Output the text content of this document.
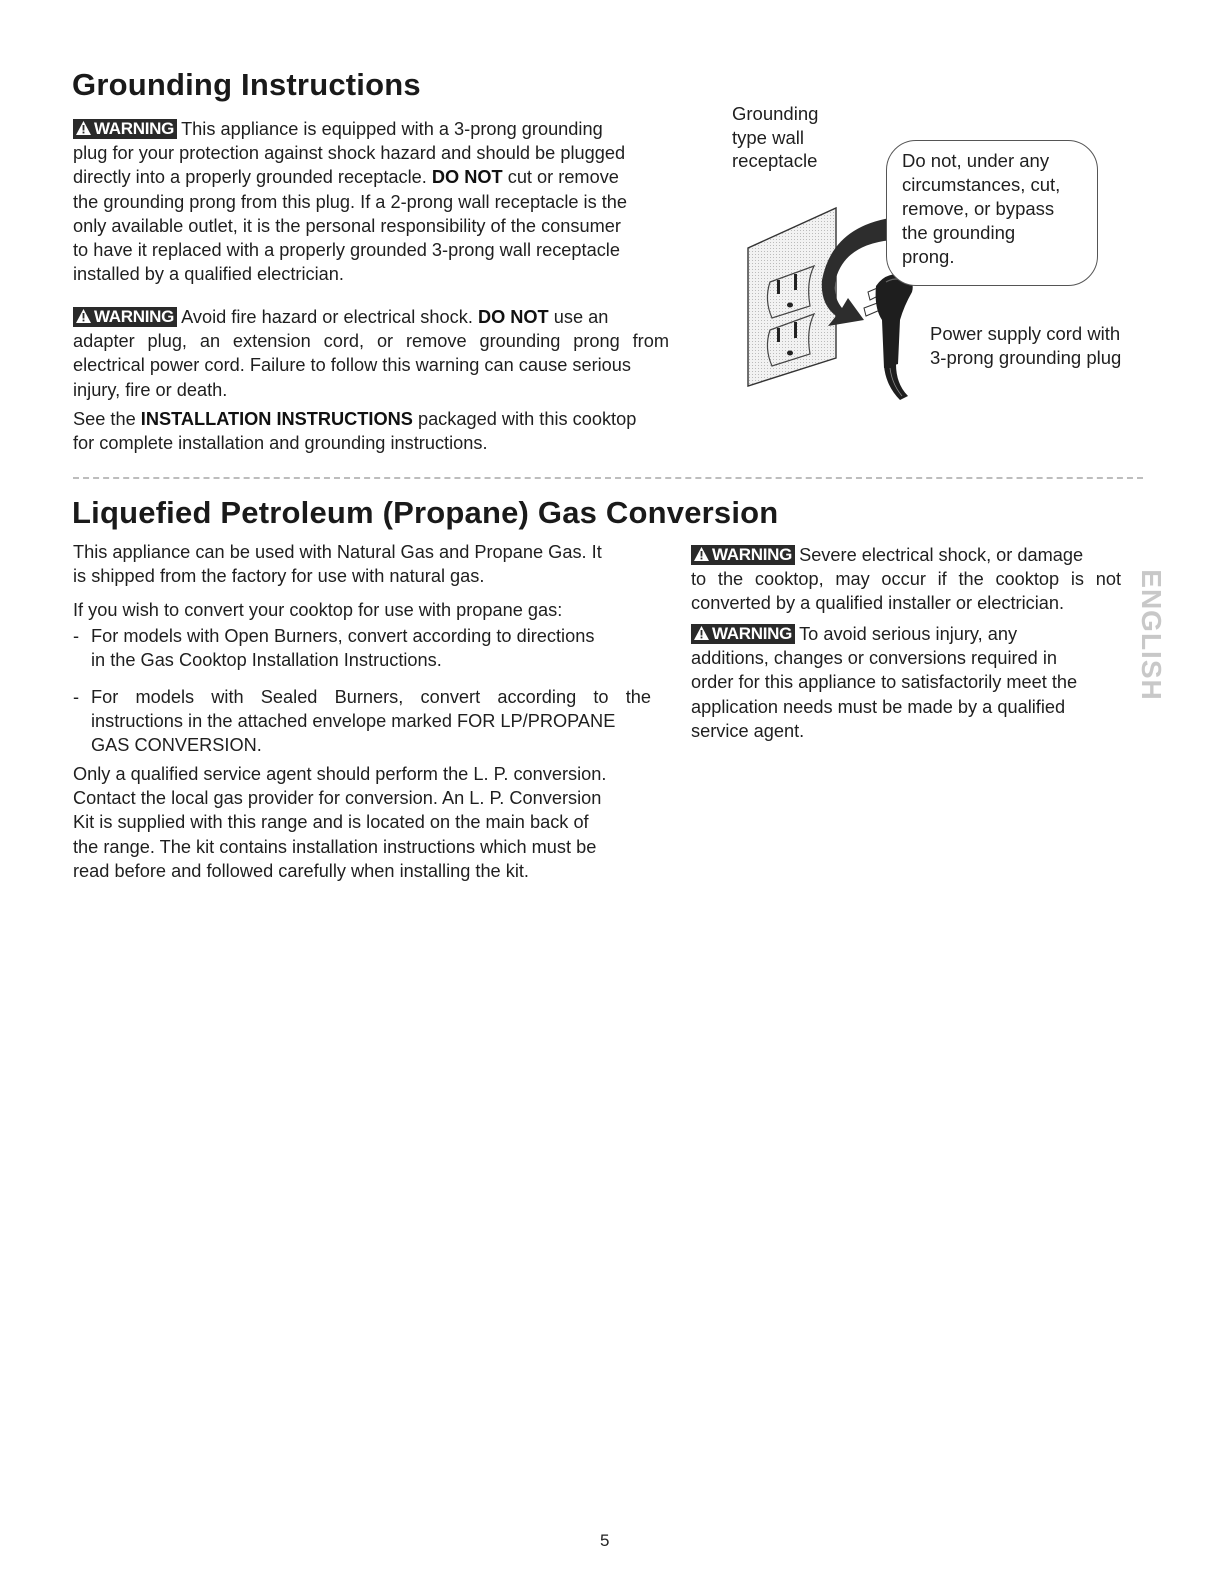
Grounding Instructions
WARNING This appliance is equipped with a 3-prong grounding
plug for your protection against shock hazard and should be plugged
directly into a properly grounded receptacle. DO NOT cut or remove
the grounding prong from this plug. If a 2-prong wall receptacle is the
only available outlet, it is the personal responsibility of the consumer
to have it replaced with a properly grounded 3-prong wall receptacle
installed by a qualified electrician.
WARNING Avoid fire hazard or electrical shock. DO NOT use an
adapter plug, an extension cord, or remove grounding prong from
electrical power cord. Failure to follow this warning can cause serious
injury, fire or death.
See the INSTALLATION INSTRUCTIONS packaged with this cooktop
for complete installation and grounding instructions.
Grounding
type wall
receptacle	Do not, under any
circumstances, cut,
remove, or bypass
the grounding
prong.
Power supply cord with
3-prong grounding plug
Liquefied Petroleum (Propane) Gas Conversion
This appliance can be used with Natural Gas and Propane Gas. It
is shipped from the factory for use with natural gas.
If you wish to convert your cooktop for use with propane gas:
- For models with Open Burners, convert according to directions
in the Gas Cooktop Installation Instructions.
- For models with Sealed Burners, convert according to the
instructions in the attached envelope marked FOR LP/PROPANE
GAS CONVERSION.
Only a qualified service agent should perform the L. P. conversion.
Contact the local gas provider for conversion. An L. P. Conversion
Kit is supplied with this range and is located on the main back of
the range. The kit contains installation instructions which must be
read before and followed carefully when installing the kit.
WARNING Severe electrical shock, or damage
to the cooktop, may occur if the cooktop is not
converted by a qualified installer or electrician.
WARNING To avoid serious injury, any
additions, changes or conversions required in
order for this appliance to satisfactorily meet the
application needs must be made by a qualified
service agent.
ENGLISH
5
